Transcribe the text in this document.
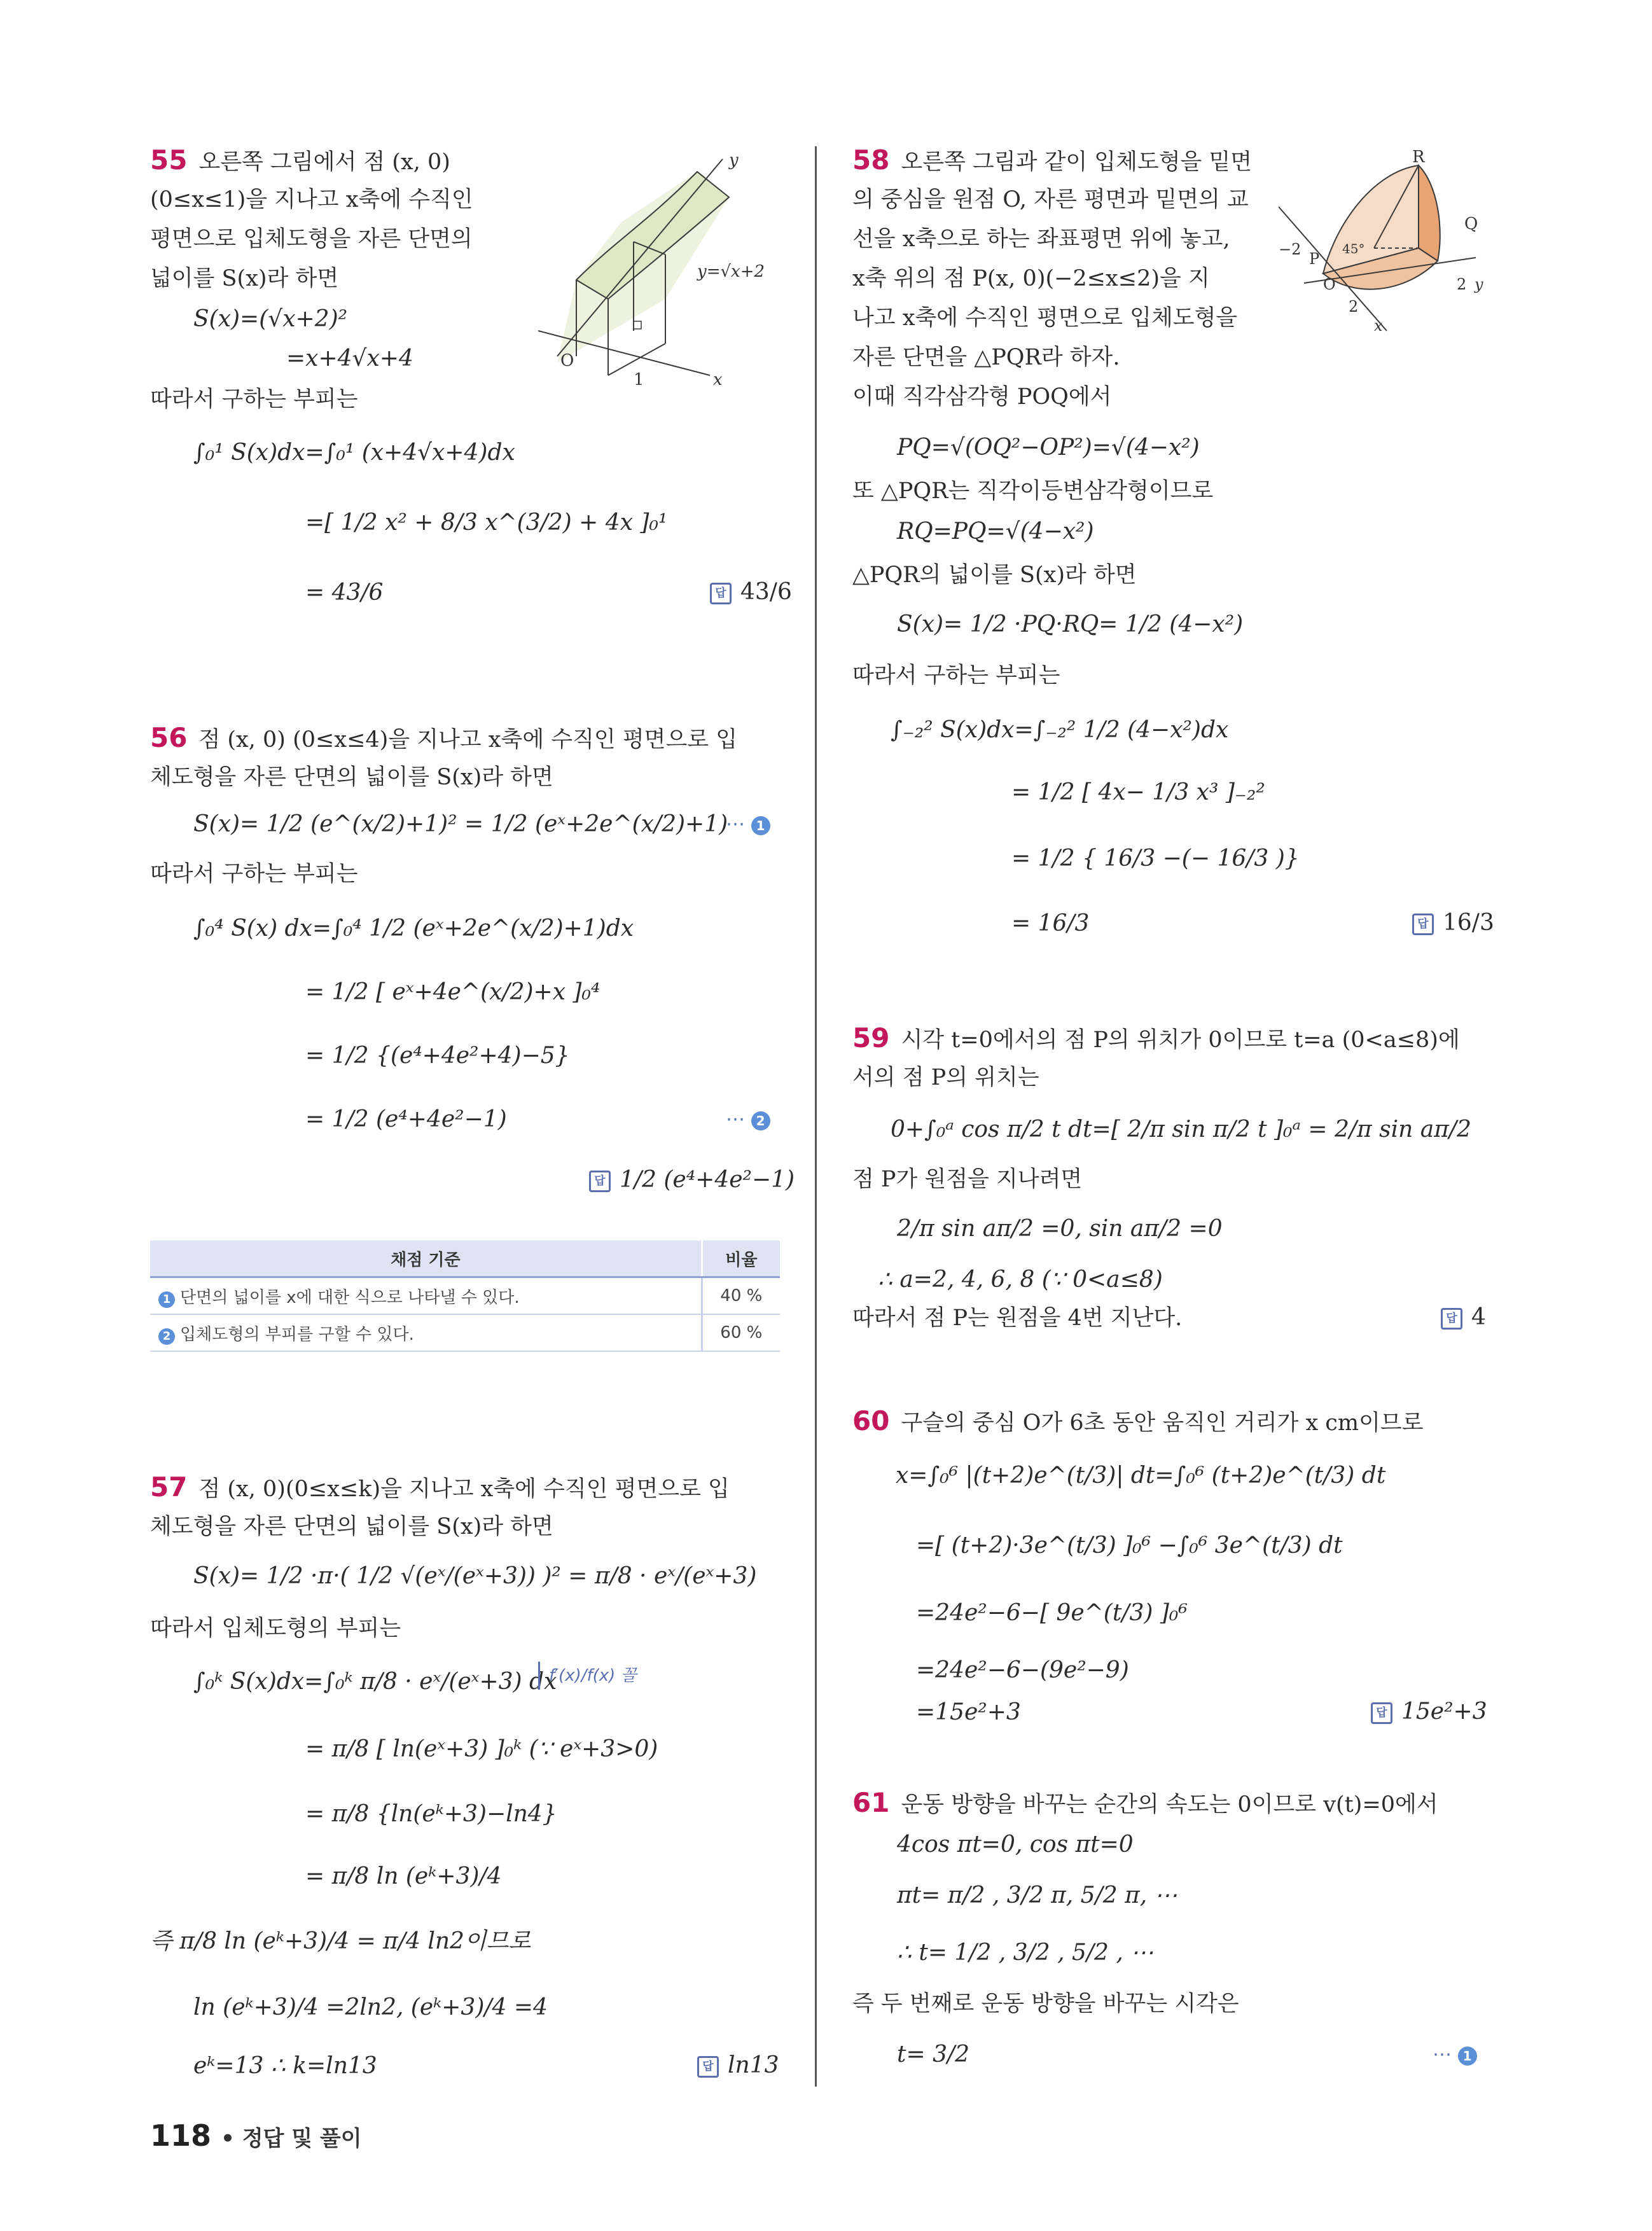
55 오른쪽 그림에서 점 (x, 0)
(0≤x≤1)을 지나고 x축에 수직인
평면으로 입체도형을 자른 단면의
넓이를 S(x)라 하면
S(x)=(√x+2)²
=x+4√x+4
따라서 구하는 부피는
∫₀¹ S(x)dx=∫₀¹ (x+4√x+4)dx
=[ 1/2 x² + 8/3 x^(3/2) + 4x ]₀¹
= 43/6	답 43/6
y
O
1	x
y=√x+2
56 점 (x, 0) (0≤x≤4)을 지나고 x축에 수직인 평면으로 입
체도형을 자른 단면의 넓이를 S(x)라 하면
S(x)= 1/2 (e^(x/2)+1)² = 1/2 (eˣ+2e^(x/2)+1)
⋯ 1
따라서 구하는 부피는
∫₀⁴ S(x) dx=∫₀⁴ 1/2 (eˣ+2e^(x/2)+1)dx
= 1/2 [ eˣ+4e^(x/2)+x ]₀⁴
= 1/2 {(e⁴+4e²+4)−5}
= 1/2 (e⁴+4e²−1)	⋯ 2
답 1/2 (e⁴+4e²−1)
채점 기준	비율
1 단면의 넓이를 x에 대한 식으로 나타낼 수 있다.	40 %
2 입체도형의 부피를 구할 수 있다.	60 %
57 점 (x, 0)(0≤x≤k)을 지나고 x축에 수직인 평면으로 입
체도형을 자른 단면의 넓이를 S(x)라 하면
S(x)= 1/2 ·π·( 1/2 √(eˣ/(eˣ+3)) )² = π/8 · eˣ/(eˣ+3)
따라서 입체도형의 부피는
∫₀ᵏ S(x)dx=∫₀ᵏ π/8 · eˣ/(eˣ+3) dx
f′(x)/f(x) 꼴
= π/8 [ ln(eˣ+3) ]₀ᵏ (∵ eˣ+3>0)
= π/8 {ln(eᵏ+3)−ln4}
= π/8 ln (eᵏ+3)/4
즉 π/8 ln (eᵏ+3)/4 = π/4 ln2이므로
ln (eᵏ+3)/4 =2ln2, (eᵏ+3)/4 =4
eᵏ=13 ∴ k=ln13	답 ln13
58 오른쪽 그림과 같이 입체도형을 밑면
의 중심을 원점 O, 자른 평면과 밑면의 교
선을 x축으로 하는 좌표평면 위에 놓고,
x축 위의 점 P(x, 0)(−2≤x≤2)을 지
나고 x축에 수직인 평면으로 입체도형을
자른 단면을 △PQR라 하자.
이때 직각삼각형 POQ에서
PQ=√(OQ²−OP²)=√(4−x²)
또 △PQR는 직각이등변삼각형이므로
RQ=PQ=√(4−x²)
△PQR의 넓이를 S(x)라 하면
S(x)= 1/2 ·PQ·RQ= 1/2 (4−x²)
따라서 구하는 부피는
∫₋₂² S(x)dx=∫₋₂² 1/2 (4−x²)dx
= 1/2 [ 4x− 1/3 x³ ]₋₂²
= 1/2 { 16/3 −(− 16/3 )}
= 16/3	답 16/3
R
Q
P
O
−2
2
2
y
x
45°
59 시각 t=0에서의 점 P의 위치가 0이므로 t=a (0<a≤8)에
서의 점 P의 위치는
0+∫₀ᵃ cos π/2 t dt=[ 2/π sin π/2 t ]₀ᵃ = 2/π sin aπ/2
점 P가 원점을 지나려면
2/π sin aπ/2 =0, sin aπ/2 =0
∴ a=2, 4, 6, 8 (∵ 0<a≤8)
따라서 점 P는 원점을 4번 지난다.	답 4
60 구슬의 중심 O가 6초 동안 움직인 거리가 x cm이므로
x=∫₀⁶ |(t+2)e^(t/3)| dt=∫₀⁶ (t+2)e^(t/3) dt
=[ (t+2)·3e^(t/3) ]₀⁶ −∫₀⁶ 3e^(t/3) dt
=24e²−6−[ 9e^(t/3) ]₀⁶
=24e²−6−(9e²−9)
=15e²+3	답 15e²+3
61 운동 방향을 바꾸는 순간의 속도는 0이므로 v(t)=0에서
4cos πt=0, cos πt=0
πt= π/2 , 3/2 π, 5/2 π, ⋯
∴ t= 1/2 , 3/2 , 5/2 , ⋯
즉 두 번째로 운동 방향을 바꾸는 시각은
t= 3/2	⋯ 1
118 • 정답 및 풀이
